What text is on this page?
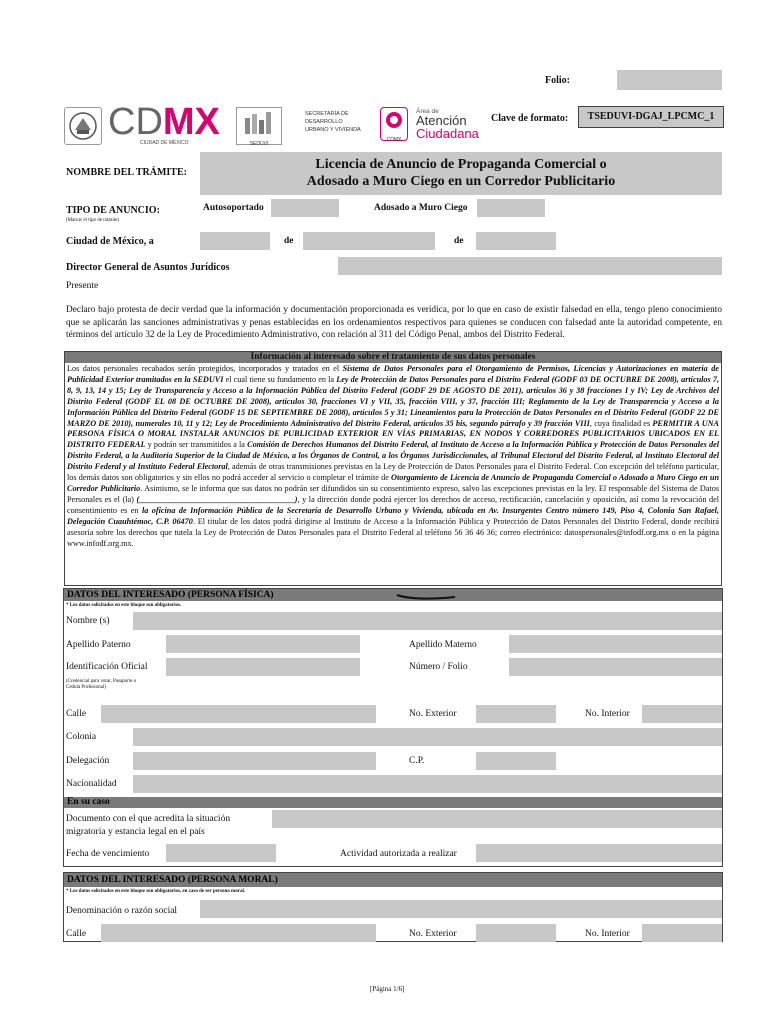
Folio:
CDMX
CIUDAD DE MÉXICO	SEDUVI
SECRETARÍA DE
DESARROLLO
URBANO Y VIVIENDA
CDMX
Área de
Atención
Ciudadana
Clave de formato:	TSEDUVI-DGAJ_LPCMC_1
NOMBRE DEL TRÁMITE:
Licencia de Anuncio de Propaganda Comercial o
Adosado a Muro Ciego en un Corredor Publicitario
TIPO DE ANUNCIO:
(Marcar el tipo de trámite)
Autosoportado	Adosado a Muro Ciego
Ciudad de México, a	de	de
Director General de Asuntos Jurídicos
Presente
Declaro bajo protesta de decir verdad que la información y documentación proporcionada es verídica, por lo que en caso de existir falsedad en ella, tengo pleno conocimiento que se aplicarán las sanciones administrativas y penas establecidas en los ordenamientos respectivos para quienes se conducen con falsedad ante la autoridad competente, en términos del artículo 32 de la Ley de Procedimiento Administrativo, con relación al 311 del Código Penal, ambos del Distrito Federal.
Información al interesado sobre el tratamiento de sus datos personales
Los datos personales recabados serán protegidos, incorporados y tratados en el Sistema de Datos Personales para el Otorgamiento de Permisos, Licencias y Autorizaciones en materia de Publicidad Exterior tramitados en la SEDUVI el cual tiene su fundamento en la Ley de Protección de Datos Personales para el Distrito Federal (GODF 03 DE OCTUBRE DE 2008), artículos 7, 8, 9, 13, 14 y 15; Ley de Transparencia y Acceso a la Información Pública del Distrito Federal (GODF 29 DE AGOSTO DE 2011), artículos 36 y 38 fracciones I y IV; Ley de Archivos del Distrito Federal (GODF EL 08 DE OCTUBRE DE 2008), artículos 30, fracciones VI y VII, 35, fracción VIII, y 37, fracción III; Reglamento de la Ley de Transparencia y Acceso a la Información Pública del Distrito Federal (GODF 15 DE SEPTIEMBRE DE 2008), artículos 5 y 31; Lineamientos para la Protección de Datos Personales en el Distrito Federal (GODF 22 DE MARZO DE 2010), numerales 10, 11 y 12; Ley de Procedimiento Administrativo del Distrito Federal, artículos 35 bis, segundo párrafo y 39 fracción VIII, cuya finalidad es PERMITIR A UNA PERSONA FÍSICA O MORAL INSTALAR ANUNCIOS DE PUBLICIDAD EXTERIOR EN VÍAS PRIMARIAS, EN NODOS Y CORREDORES PUBLICITARIOS UBICADOS EN EL DISTRITO FEDERAL y podrán ser transmitidos a la Comisión de Derechos Humanos del Distrito Federal, al Instituto de Acceso a la Información Pública y Protección de Datos Personales del Distrito Federal, a la Auditoría Superior de la Ciudad de México, a los Órganos de Control, a los Órganos Jurisdiccionales, al Tribunal Electoral del Distrito Federal, al Instituto Electoral del Distrito Federal y al Instituto Federal Electoral, además de otras transmisiones previstas en la Ley de Protección de Datos Personales para el Distrito Federal. Con excepción del teléfono particular, los demás datos son obligatorios y sin ellos no podrá acceder al servicio o completar el trámite de Otorgamiento de Licencia de Anuncio de Propaganda Comercial o Adosado a Muro Ciego en un Corredor Publicitario. Asimismo, se le informa que sus datos no podrán ser difundidos sin su consentimiento expreso, salvo las excepciones previstas en la ley. El responsable del Sistema de Datos Personales es el (la) (______________________________________), y la dirección donde podrá ejercer los derechos de acceso, rectificación, cancelación y oposición, así como la revocación del consentimiento es en la oficina de Información Pública de la Secretaría de Desarrollo Urbano y Vivienda, ubicada en Av. Insurgentes Centro número 149, Piso 4, Colonia San Rafael, Delegación Cuauhtémoc, C.P. 06470. El titular de los datos podrá dirigirse al Instituto de Acceso a la Información Pública y Protección de Datos Personales del Distrito Federal, donde recibirá asesoría sobre los derechos que tutela la Ley de Protección de Datos Personales para el Distrito Federal al teléfono 56 36 46 36; correo electrónico: datospersonales@infodf.org.mx o en la página www.infodf.org.mx.
DATOS DEL INTERESADO (PERSONA FÍSICA)
* Los datos solicitados en este bloque son obligatorios.
Nombre (s)
Apellido Paterno	Apellido Materno
Identificación Oficial
(Credencial para votar, Pasaporte o
Cédula Profesional)
Número / Folio
Calle	No. Exterior	No. Interior
Colonia
Delegación	C.P.
Nacionalidad
En su caso
Documento con el que acredita la situación
migratoria y estancia legal en el país
Fecha de vencimiento	Actividad autorizada a realizar
DATOS DEL INTERESADO (PERSONA MORAL)
* Los datos solicitados en este bloque son obligatorios, en caso de ser persona moral.
Denominación o razón social
Calle	No. Exterior	No. Interior
[Página 1/6]
